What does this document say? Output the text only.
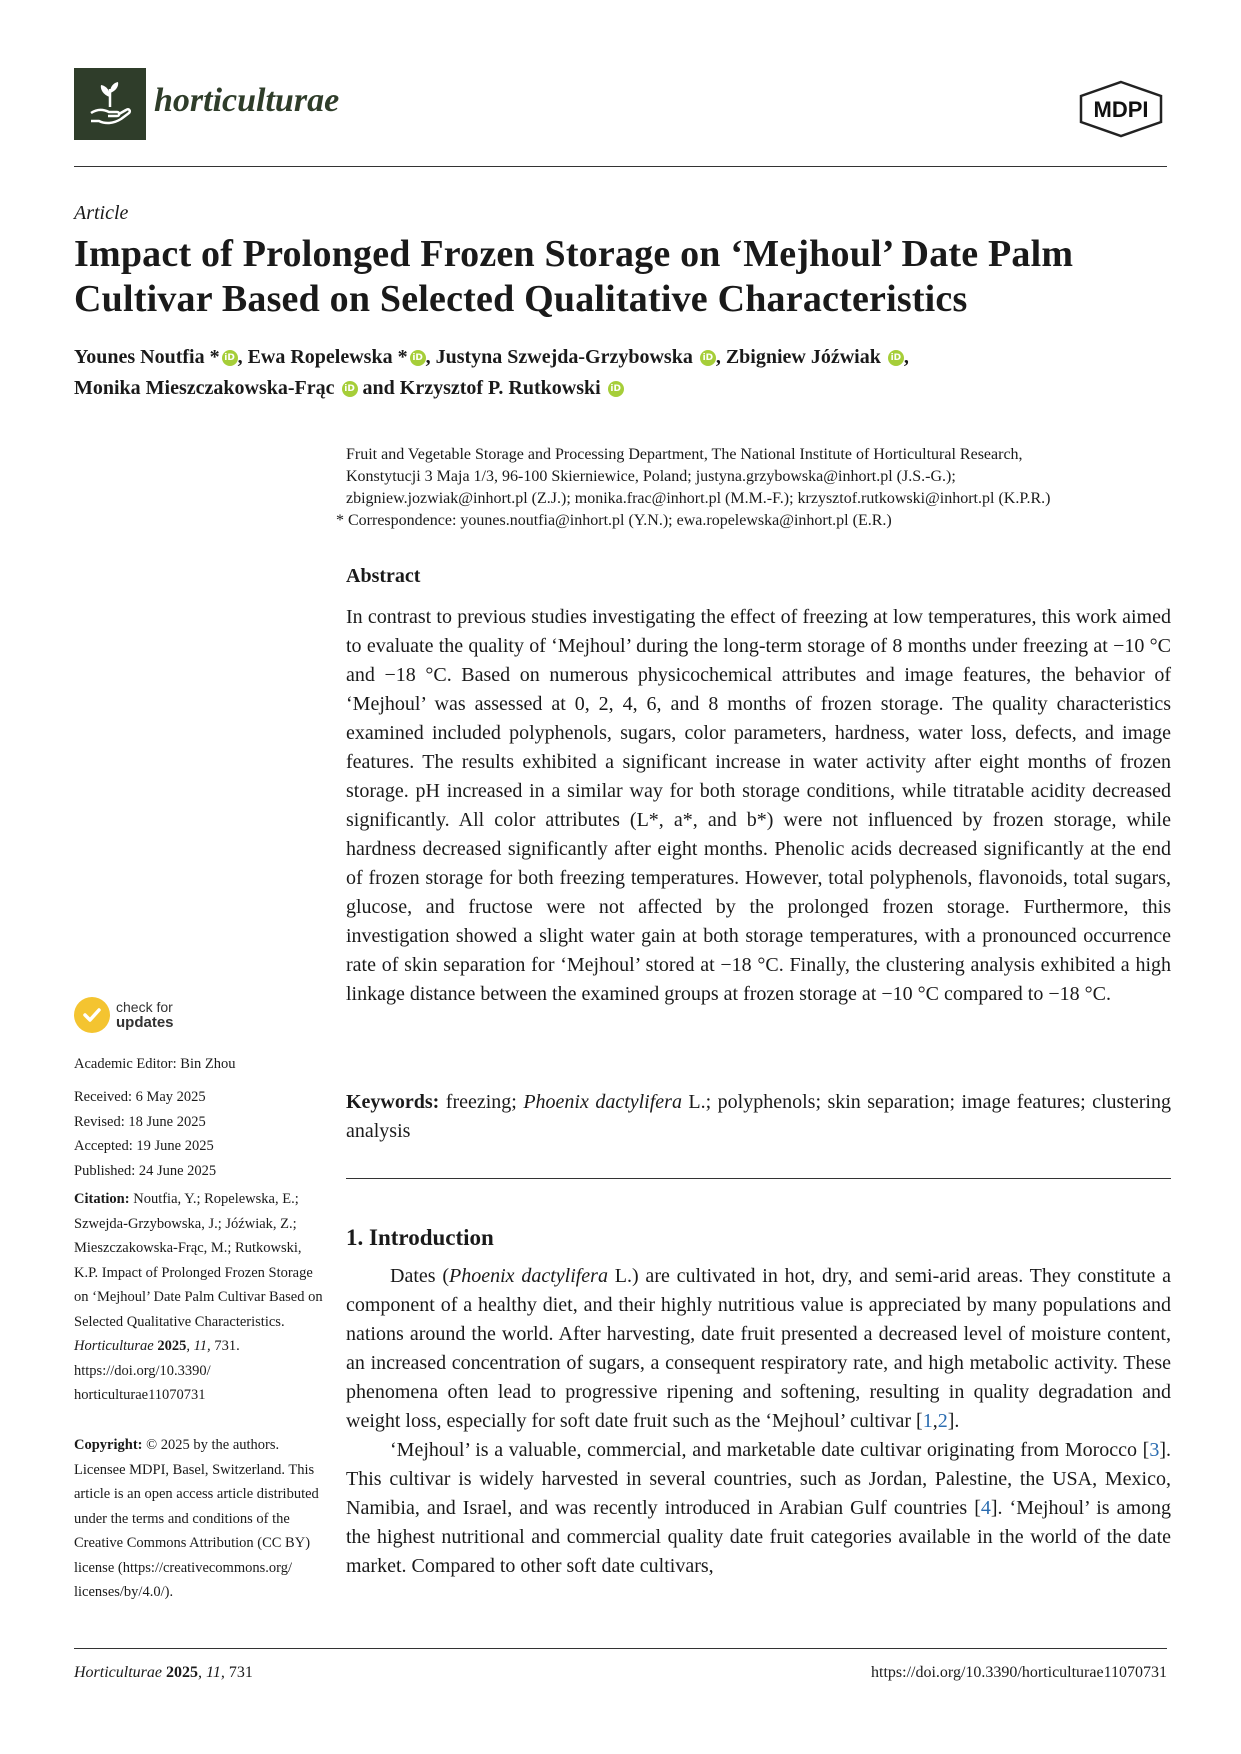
horticulturae	MDPI
Article
Impact of Prolonged Frozen Storage on ‘Mejhoul’ Date Palm
Cultivar Based on Selected Qualitative Characteristics
Younes Noutfia * iD , Ewa Ropelewska * iD , Justyna Szwejda-Grzybowska iD , Zbigniew Jóźwiak iD ,
Monika Mieszczakowska-Frąc iD and Krzysztof P. Rutkowski iD
Fruit and Vegetable Storage and Processing Department, The National Institute of Horticultural Research,
Konstytucji 3 Maja 1/3, 96-100 Skierniewice, Poland; justyna.grzybowska@inhort.pl (J.S.-G.);
zbigniew.jozwiak@inhort.pl (Z.J.); monika.frac@inhort.pl (M.M.-F.); krzysztof.rutkowski@inhort.pl (K.P.R.)
* Correspondence: younes.noutfia@inhort.pl (Y.N.); ewa.ropelewska@inhort.pl (E.R.)
Abstract
In contrast to previous studies investigating the effect of freezing at low temperatures, this work aimed to evaluate the quality of ‘Mejhoul’ during the long-term storage of 8 months under freezing at −10 °C and −18 °C. Based on numerous physicochemical attributes and image features, the behavior of ‘Mejhoul’ was assessed at 0, 2, 4, 6, and 8 months of frozen storage. The quality characteristics examined included polyphenols, sugars, color parameters, hardness, water loss, defects, and image features. The results exhibited a significant increase in water activity after eight months of frozen storage. pH increased in a similar way for both storage conditions, while titratable acidity decreased significantly. All color attributes (L*, a*, and b*) were not influenced by frozen storage, while hardness decreased significantly after eight months. Phenolic acids decreased significantly at the end of frozen storage for both freezing temperatures. However, total polyphenols, flavonoids, total sugars, glucose, and fructose were not affected by the prolonged frozen storage. Furthermore, this investigation showed a slight water gain at both storage temperatures, with a pronounced occurrence rate of skin separation for ‘Mejhoul’ stored at −18 °C. Finally, the clustering analysis exhibited a high linkage distance between the examined groups at frozen storage at −10 °C compared to −18 °C.
Keywords: freezing; Phoenix dactylifera L.; polyphenols; skin separation; image features; clustering analysis
1. Introduction

Dates (Phoenix dactylifera L.) are cultivated in hot, dry, and semi-arid areas. They constitute a component of a healthy diet, and their highly nutritious value is appreciated by many populations and nations around the world. After harvesting, date fruit presented a decreased level of moisture content, an increased concentration of sugars, a consequent respiratory rate, and high metabolic activity. These phenomena often lead to progressive ripening and softening, resulting in quality degradation and weight loss, especially for soft date fruit such as the ‘Mejhoul’ cultivar [1,2].

‘Mejhoul’ is a valuable, commercial, and marketable date cultivar originating from Morocco [3]. This cultivar is widely harvested in several countries, such as Jordan, Palestine, the USA, Mexico, Namibia, and Israel, and was recently introduced in Arabian Gulf countries [4]. ‘Mejhoul’ is among the highest nutritional and commercial quality date fruit categories available in the world of the date market. Compared to other soft date cultivars,

check for
updates
Academic Editor: Bin Zhou
Received: 6 May 2025
Revised: 18 June 2025
Accepted: 19 June 2025
Published: 24 June 2025
Citation: Noutfia, Y.; Ropelewska, E.; Szwejda-Grzybowska, J.; Jóźwiak, Z.; Mieszczakowska-Frąc, M.; Rutkowski, K.P. Impact of Prolonged Frozen Storage on ‘Mejhoul’ Date Palm Cultivar Based on Selected Qualitative Characteristics. Horticulturae 2025, 11, 731. https://doi.org/10.3390/ horticulturae11070731
Copyright: © 2025 by the authors. Licensee MDPI, Basel, Switzerland. This article is an open access article distributed under the terms and conditions of the Creative Commons Attribution (CC BY) license (https://creativecommons.org/ licenses/by/4.0/).
Horticulturae 2025, 11, 731	https://doi.org/10.3390/horticulturae11070731
